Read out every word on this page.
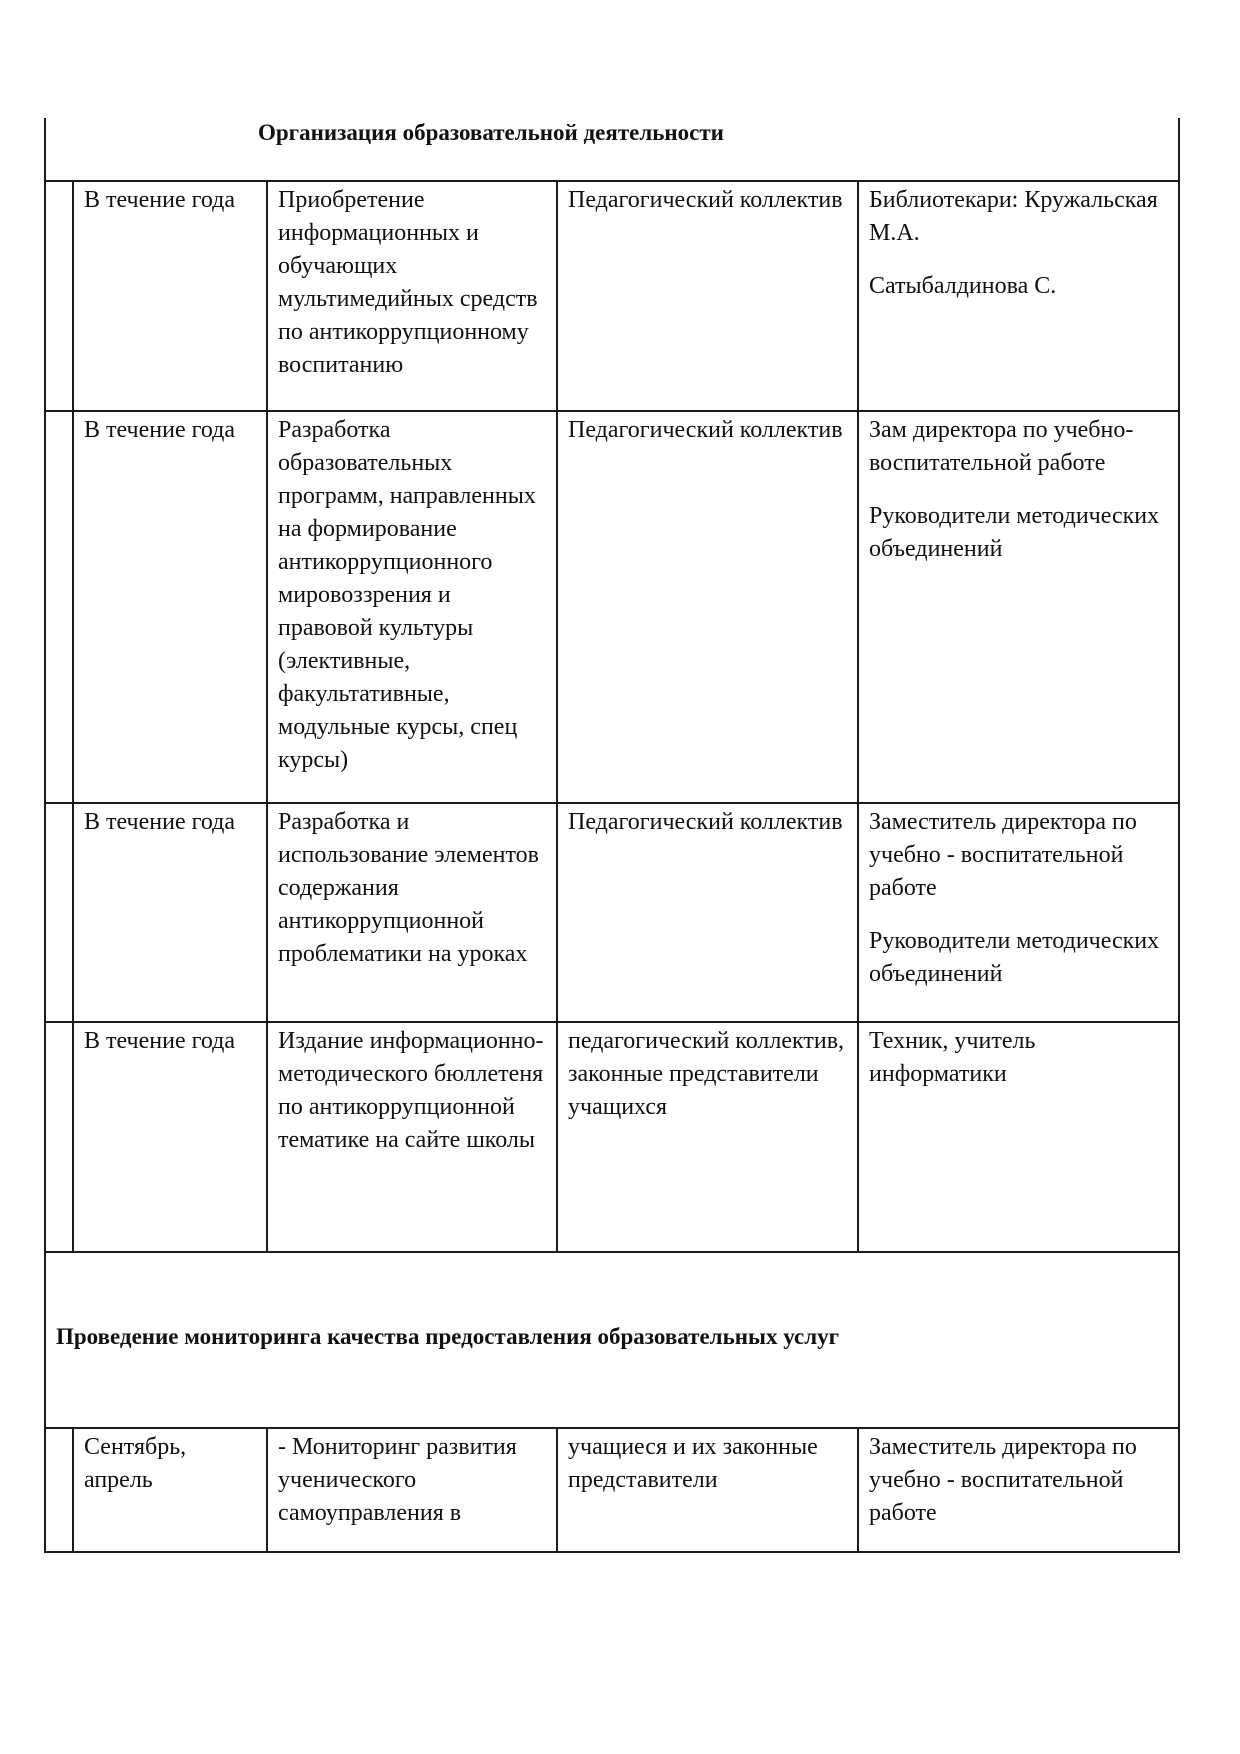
Организация образовательной деятельности				
	В течение года	Приобретение информационных и обучающих мультимедийных средств по антикоррупционному воспитанию	Педагогический коллектив	Библиотекари: Кружальская М.А.

Сатыбалдинова С.

	В течение года	Разработка образовательных программ, направленных на формирование антикоррупционного мировоззрения и правовой культуры (элективные, факультативные, модульные курсы, спец курсы)	Педагогический коллектив	Зам директора по учебно-воспитательной работе

Руководители методических объединений

	В течение года	Разработка и использование элементов содержания антикоррупционной проблематики на уроках	Педагогический коллектив	Заместитель директора по учебно - воспитательной работе

Руководители методических объединений

	В течение года	Издание информационно-методического бюллетеня по антикоррупционной тематике на сайте школы	педагогический коллектив, законные представители учащихся	Техник, учитель информатики

Проведение мониторинга качества предоставления образовательных услуг				
	Сентябрь, апрель	- Мониторинг развития ученического самоуправления в	учащиеся и их законные представители	Заместитель директора по учебно - воспитательной работе
